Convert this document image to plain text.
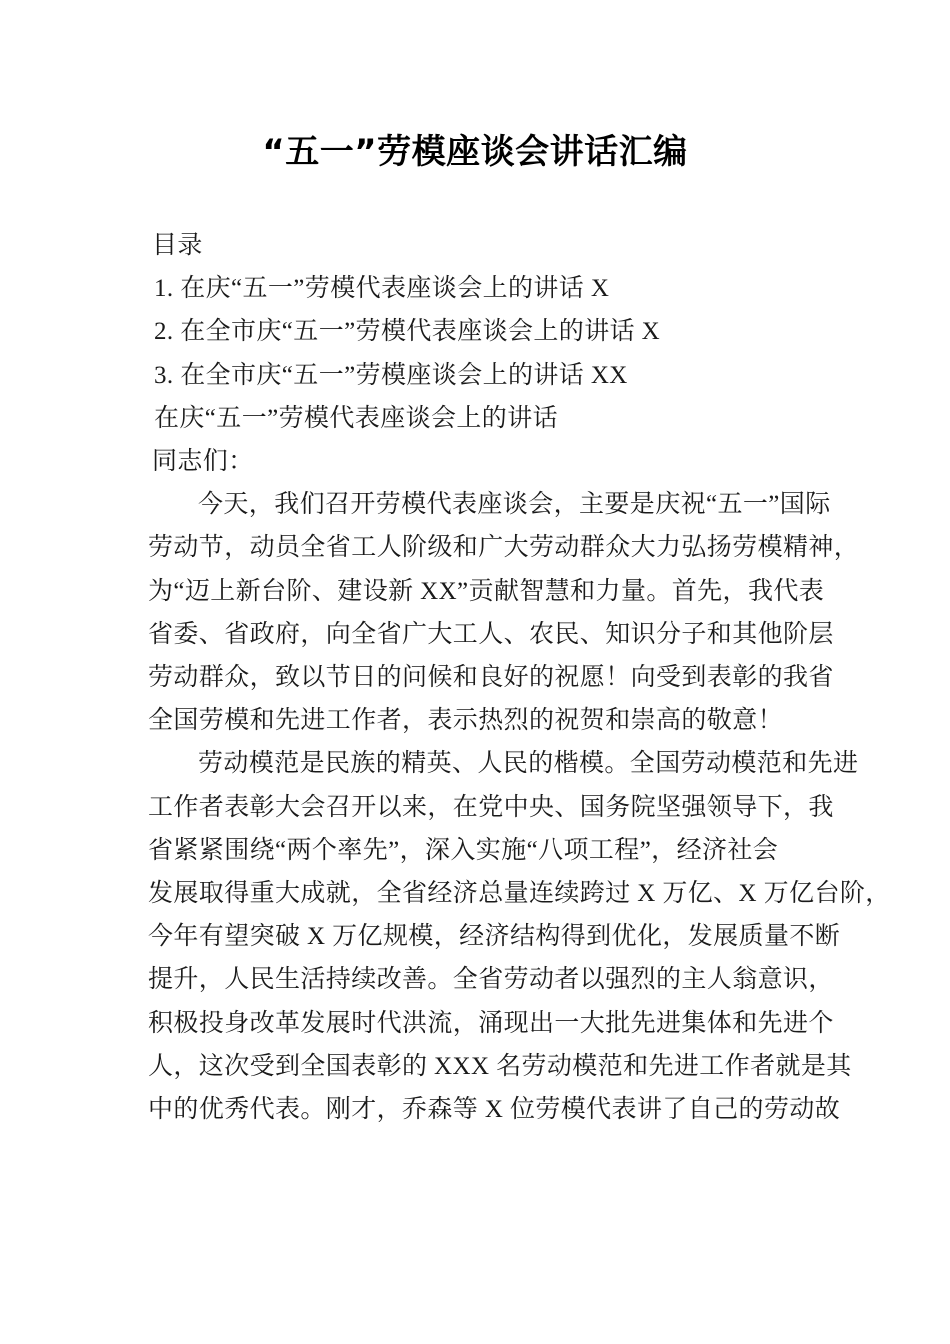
“五一”劳模座谈会讲话汇编
目录
1. 在庆“五一”劳模代表座谈会上的讲话 X
2. 在全市庆“五一”劳模代表座谈会上的讲话 X
3. 在全市庆“五一”劳模座谈会上的讲话 XX
在庆“五一”劳模代表座谈会上的讲话
同志们：
今天，我们召开劳模代表座谈会，主要是庆祝“五一”国际
劳动节，动员全省工人阶级和广大劳动群众大力弘扬劳模精神，
为“迈上新台阶、建设新 XX”贡献智慧和力量。首先，我代表
省委、省政府，向全省广大工人、农民、知识分子和其他阶层
劳动群众，致以节日的问候和良好的祝愿！向受到表彰的我省
全国劳模和先进工作者，表示热烈的祝贺和崇高的敬意！
劳动模范是民族的精英、人民的楷模。全国劳动模范和先进
工作者表彰大会召开以来，在党中央、国务院坚强领导下，我
省紧紧围绕“两个率先”，深入实施“八项工程”，经济社会
发展取得重大成就，全省经济总量连续跨过 X 万亿、X 万亿台阶，
今年有望突破 X 万亿规模，经济结构得到优化，发展质量不断
提升，人民生活持续改善。全省劳动者以强烈的主人翁意识，
积极投身改革发展时代洪流，涌现出一大批先进集体和先进个
人，这次受到全国表彰的 XXX 名劳动模范和先进工作者就是其
中的优秀代表。刚才，乔森等 X 位劳模代表讲了自己的劳动故
